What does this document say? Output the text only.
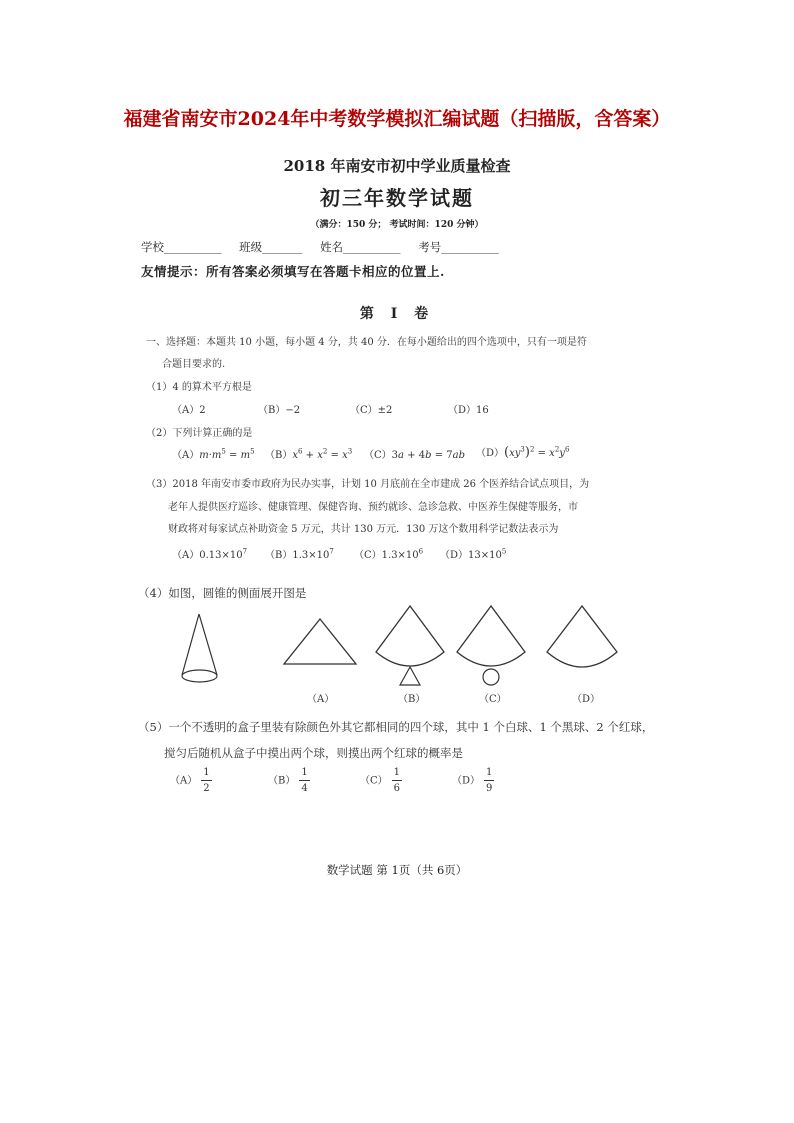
福建省南安市2024年中考数学模拟汇编试题（扫描版，含答案）
2018 年南安市初中学业质量检查
初三年数学试题
（满分：150 分； 考试时间：120 分钟）
学校__________ 班级_______ 姓名__________ 考号__________
友情提示：所有答案必须填写在答题卡相应的位置上.
第 I 卷
一、选择题：本题共 10 小题，每小题 4 分，共 40 分．在每小题给出的四个选项中，只有一项是符
合题目要求的.
（1）4 的算术平方根是
（A）2	（B）−2	（C）±2	（D）16
（2）下列计算正确的是
$(A)m\cdot m^5 = m^5$ $(B)x^6 + x^2 = x^3$ （C）3a + 4b = 7ab $(D)(xy^3)^2 = x^2y^6$
（3）2018 年南安市委市政府为民办实事，计划 10 月底前在全市建成 26 个医养结合试点项目，为
老年人提供医疗巡诊、健康管理、保健咨询、预约就诊、急诊急救、中医养生保健等服务，市
财政将对每家试点补助资金 5 万元，共计 130 万元．130 万这个数用科学记数法表示为
$(A)0.13\times 10^7$ $(B)1.3\times 10^7$ $(C)1.3\times 10^6$ $(D)13\times 10^5$
（4）如图，圆锥的侧面展开图是
（A）	（B）	（C）	（D）
（5）一个不透明的盒子里装有除颜色外其它都相同的四个球，其中 1 个白球、1 个黑球、2 个红球，
搅匀后随机从盒子中摸出两个球，则摸出两个红球的概率是
$(A) \frac{1}{2}$	$(B) \frac{1}{4}$	$(C) \frac{1}{6}$	$(D) \frac{1}{9}$
数学试题 第 1页（共 6页）
